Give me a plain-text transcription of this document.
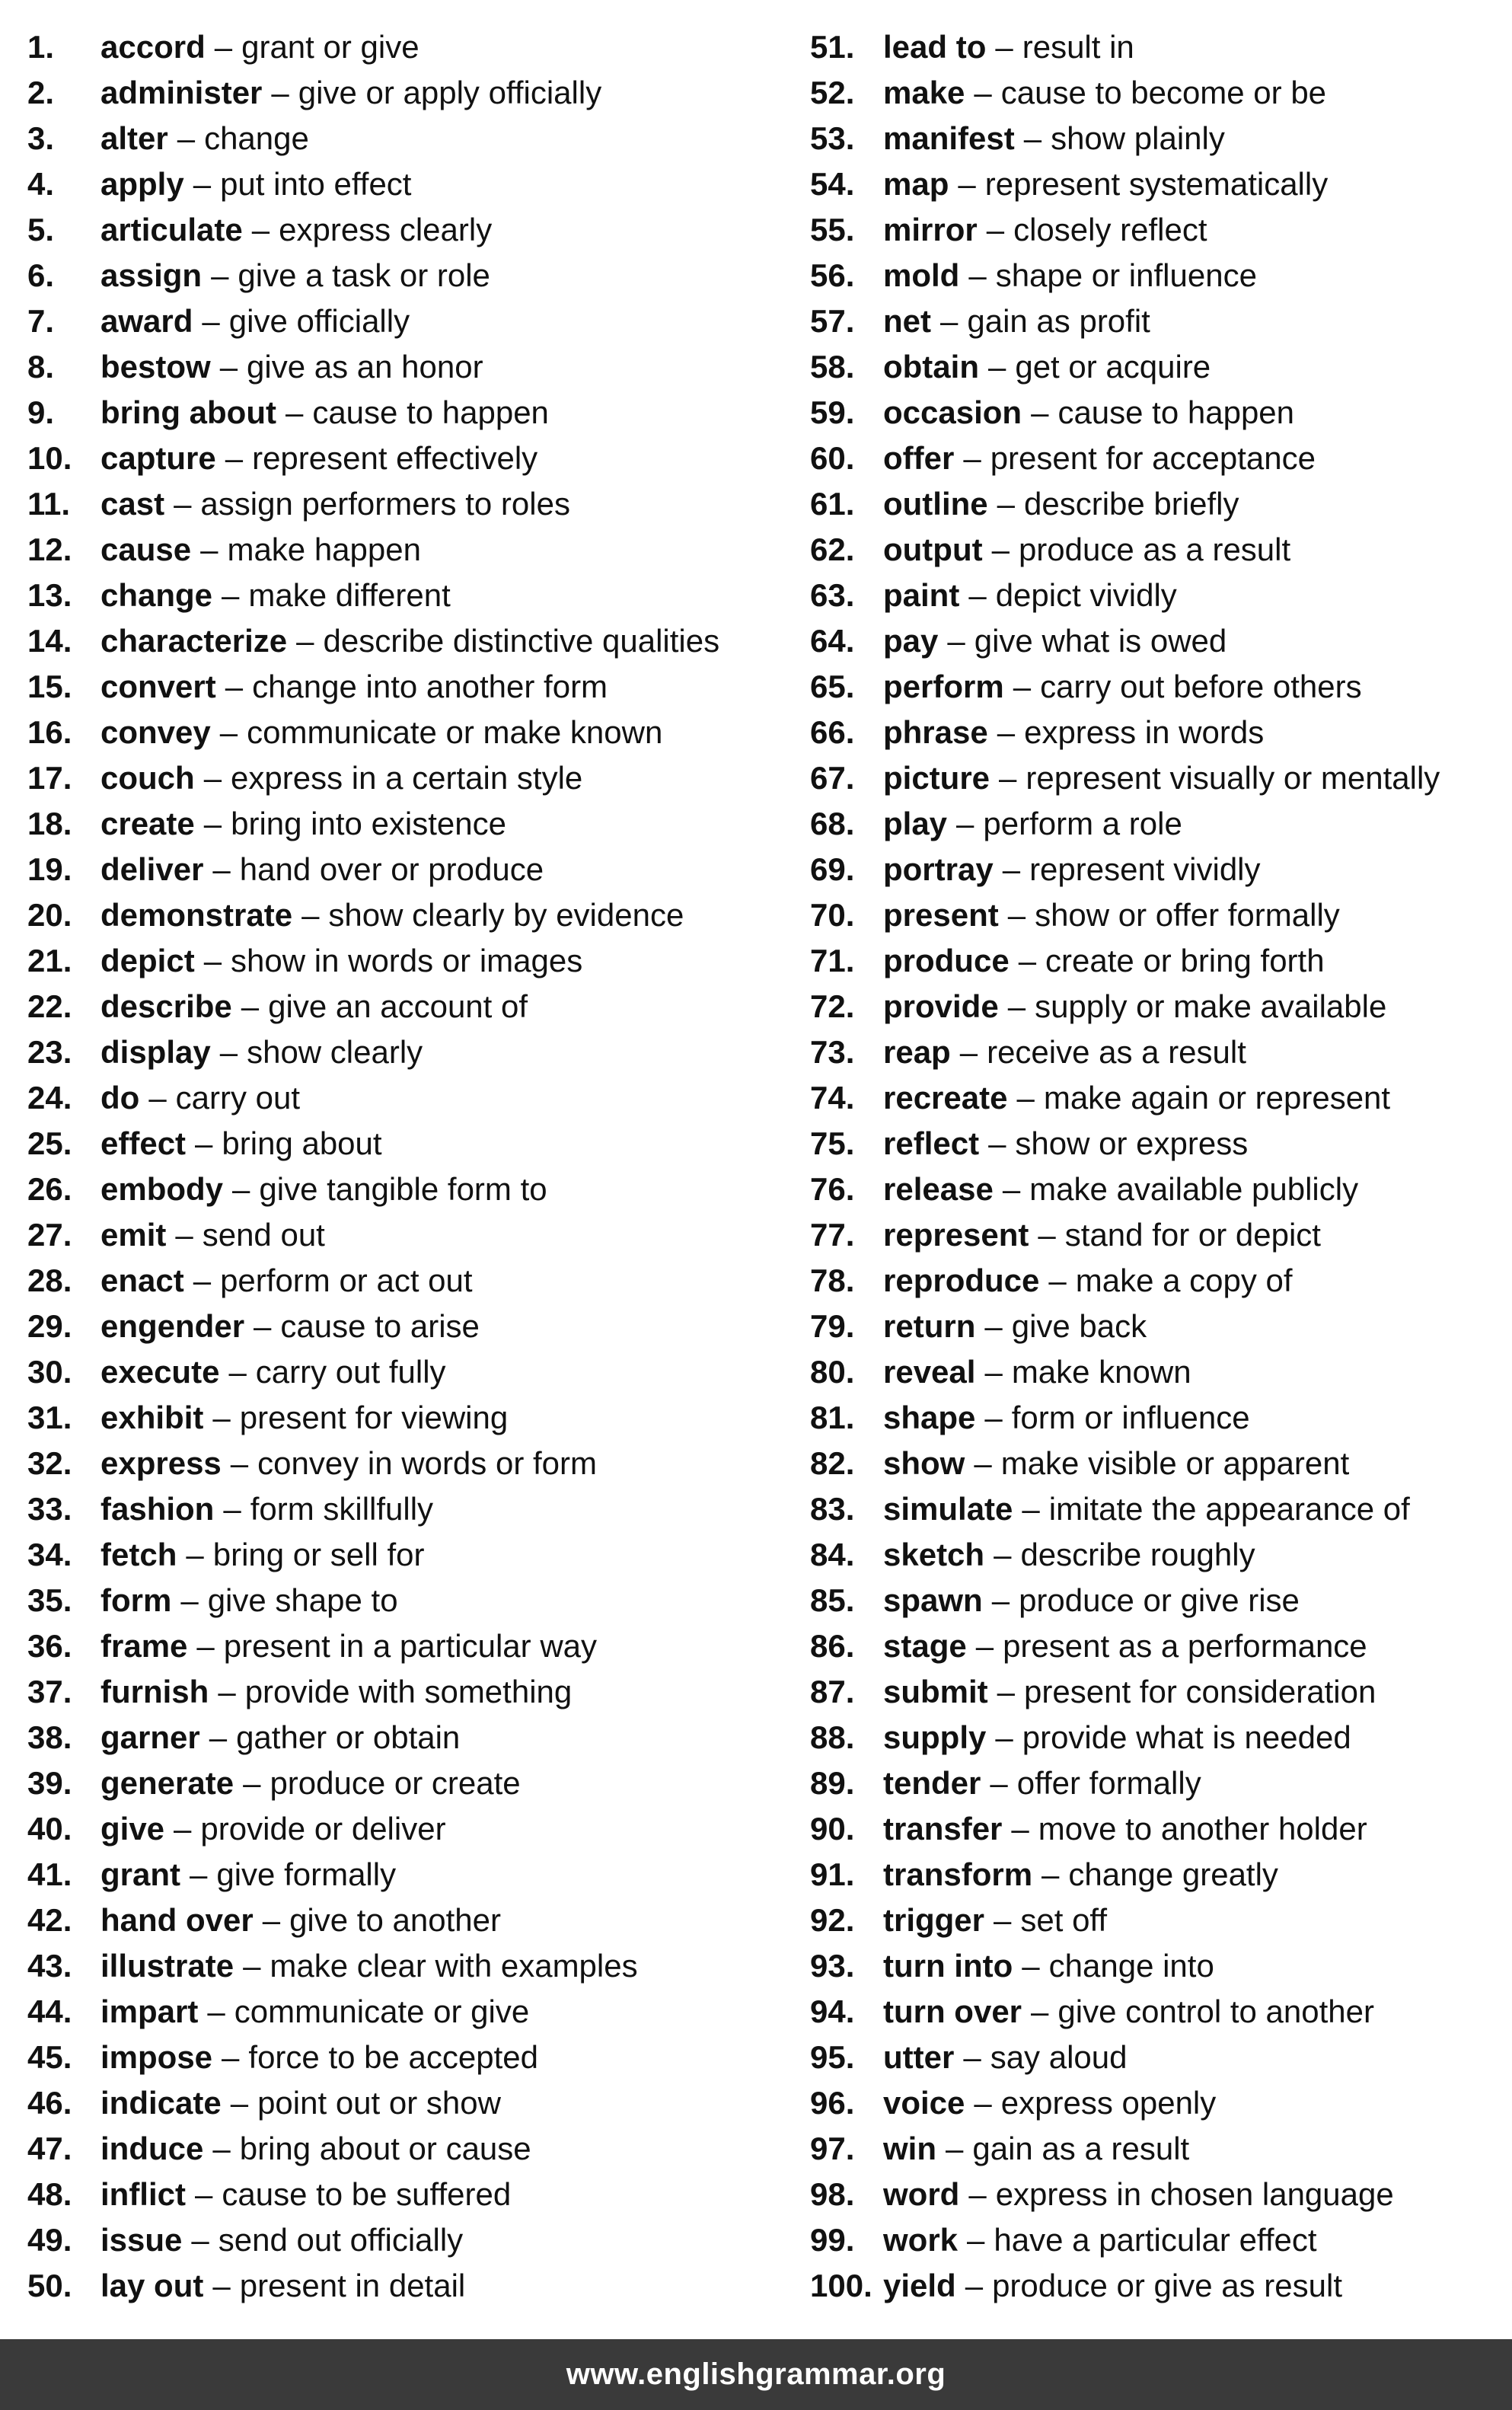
1.	accord – grant or give
2.	administer – give or apply officially
3.	alter – change
4.	apply – put into effect
5.	articulate – express clearly
6.	assign – give a task or role
7.	award – give officially
8.	bestow – give as an honor
9.	bring about – cause to happen
10. capture – represent effectively
11. cast – assign performers to roles
12. cause – make happen
13. change – make different
14. characterize – describe distinctive qualities
15. convert – change into another form
16. convey – communicate or make known
17. couch – express in a certain style
18. create – bring into existence
19. deliver – hand over or produce
20. demonstrate – show clearly by evidence
21. depict – show in words or images
22. describe – give an account of
23. display – show clearly
24. do – carry out
25. effect – bring about
26. embody – give tangible form to
27. emit – send out
28. enact – perform or act out
29. engender – cause to arise
30. execute – carry out fully
31. exhibit – present for viewing
32. express – convey in words or form
33. fashion – form skillfully
34. fetch – bring or sell for
35. form – give shape to
36. frame – present in a particular way
37. furnish – provide with something
38. garner – gather or obtain
39. generate – produce or create
40. give – provide or deliver
41. grant – give formally
42. hand over – give to another
43. illustrate – make clear with examples
44. impart – communicate or give
45. impose – force to be accepted
46. indicate – point out or show
47. induce – bring about or cause
48. inflict – cause to be suffered
49. issue – send out officially
50. lay out – present in detail
51. lead to – result in
52. make – cause to become or be
53. manifest – show plainly
54. map – represent systematically
55. mirror – closely reflect
56. mold – shape or influence
57. net – gain as profit
58. obtain – get or acquire
59. occasion – cause to happen
60. offer – present for acceptance
61. outline – describe briefly
62. output – produce as a result
63. paint – depict vividly
64. pay – give what is owed
65. perform – carry out before others
66. phrase – express in words
67. picture – represent visually or mentally
68. play – perform a role
69. portray – represent vividly
70. present – show or offer formally
71. produce – create or bring forth
72. provide – supply or make available
73. reap – receive as a result
74. recreate – make again or represent
75. reflect – show or express
76. release – make available publicly
77. represent – stand for or depict
78. reproduce – make a copy of
79. return – give back
80. reveal – make known
81. shape – form or influence
82. show – make visible or apparent
83. simulate – imitate the appearance of
84. sketch – describe roughly
85. spawn – produce or give rise
86. stage – present as a performance
87. submit – present for consideration
88. supply – provide what is needed
89. tender – offer formally
90. transfer – move to another holder
91. transform – change greatly
92. trigger – set off
93. turn into – change into
94. turn over – give control to another
95. utter – say aloud
96. voice – express openly
97. win – gain as a result
98. word – express in chosen language
99. work – have a particular effect
100. yield – produce or give as result
www.englishgrammar.org
